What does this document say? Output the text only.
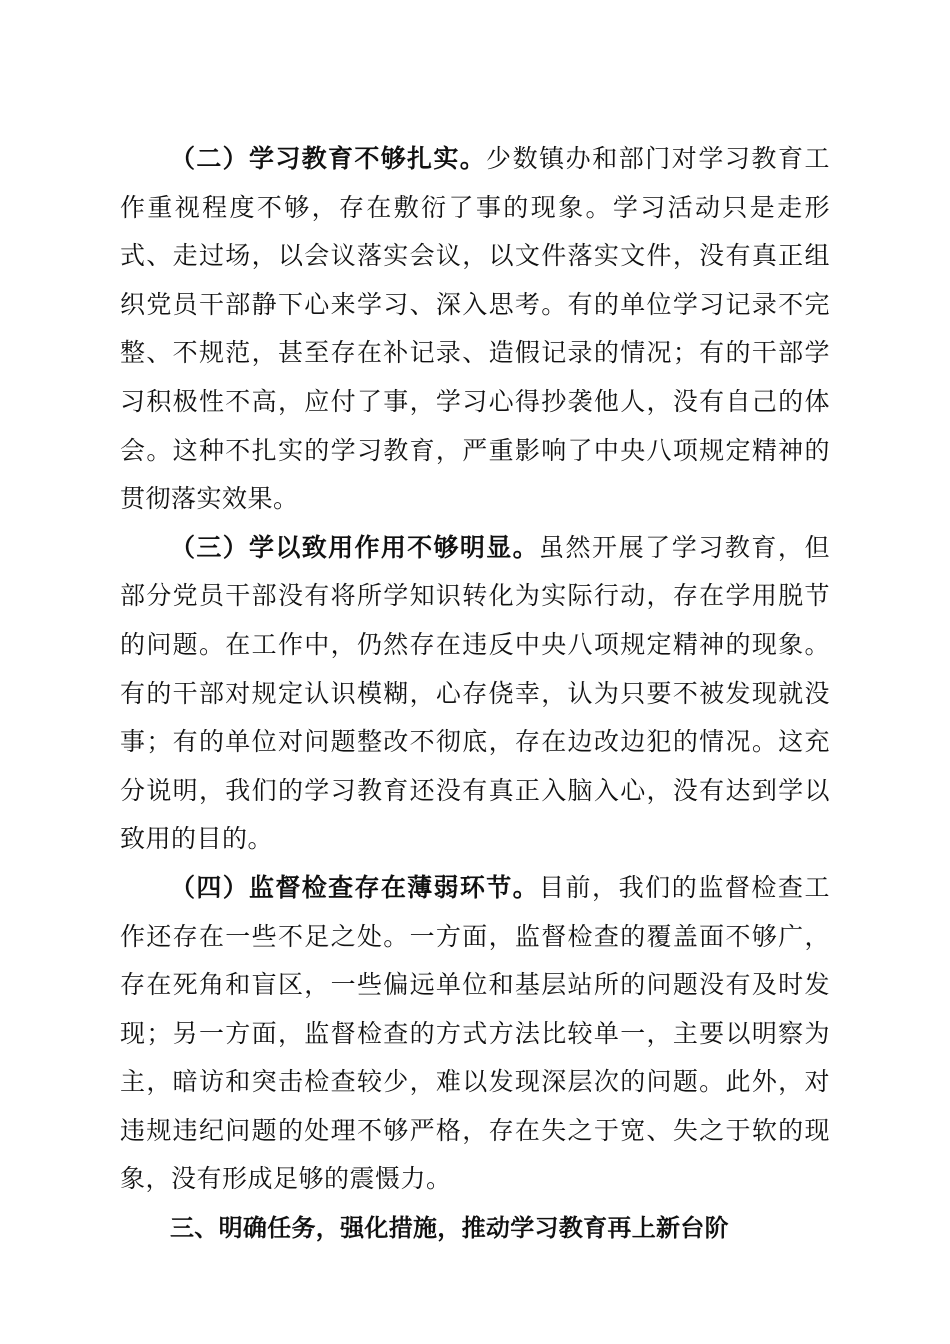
（二）学习教育不够扎实。少数镇办和部门对学习教育工作重视程度不够，存在敷衍了事的现象。学习活动只是走形式、走过场，以会议落实会议，以文件落实文件，没有真正组织党员干部静下心来学习、深入思考。有的单位学习记录不完整、不规范，甚至存在补记录、造假记录的情况；有的干部学习积极性不高，应付了事，学习心得抄袭他人，没有自己的体会。这种不扎实的学习教育，严重影响了中央八项规定精神的贯彻落实效果。

（三）学以致用作用不够明显。虽然开展了学习教育，但部分党员干部没有将所学知识转化为实际行动，存在学用脱节的问题。在工作中，仍然存在违反中央八项规定精神的现象。有的干部对规定认识模糊，心存侥幸，认为只要不被发现就没事；有的单位对问题整改不彻底，存在边改边犯的情况。这充分说明，我们的学习教育还没有真正入脑入心，没有达到学以致用的目的。

（四）监督检查存在薄弱环节。目前，我们的监督检查工作还存在一些不足之处。一方面，监督检查的覆盖面不够广，存在死角和盲区，一些偏远单位和基层站所的问题没有及时发现；另一方面，监督检查的方式方法比较单一，主要以明察为主，暗访和突击检查较少，难以发现深层次的问题。此外，对违规违纪问题的处理不够严格，存在失之于宽、失之于软的现象，没有形成足够的震慑力。

三、明确任务，强化措施，推动学习教育再上新台阶
